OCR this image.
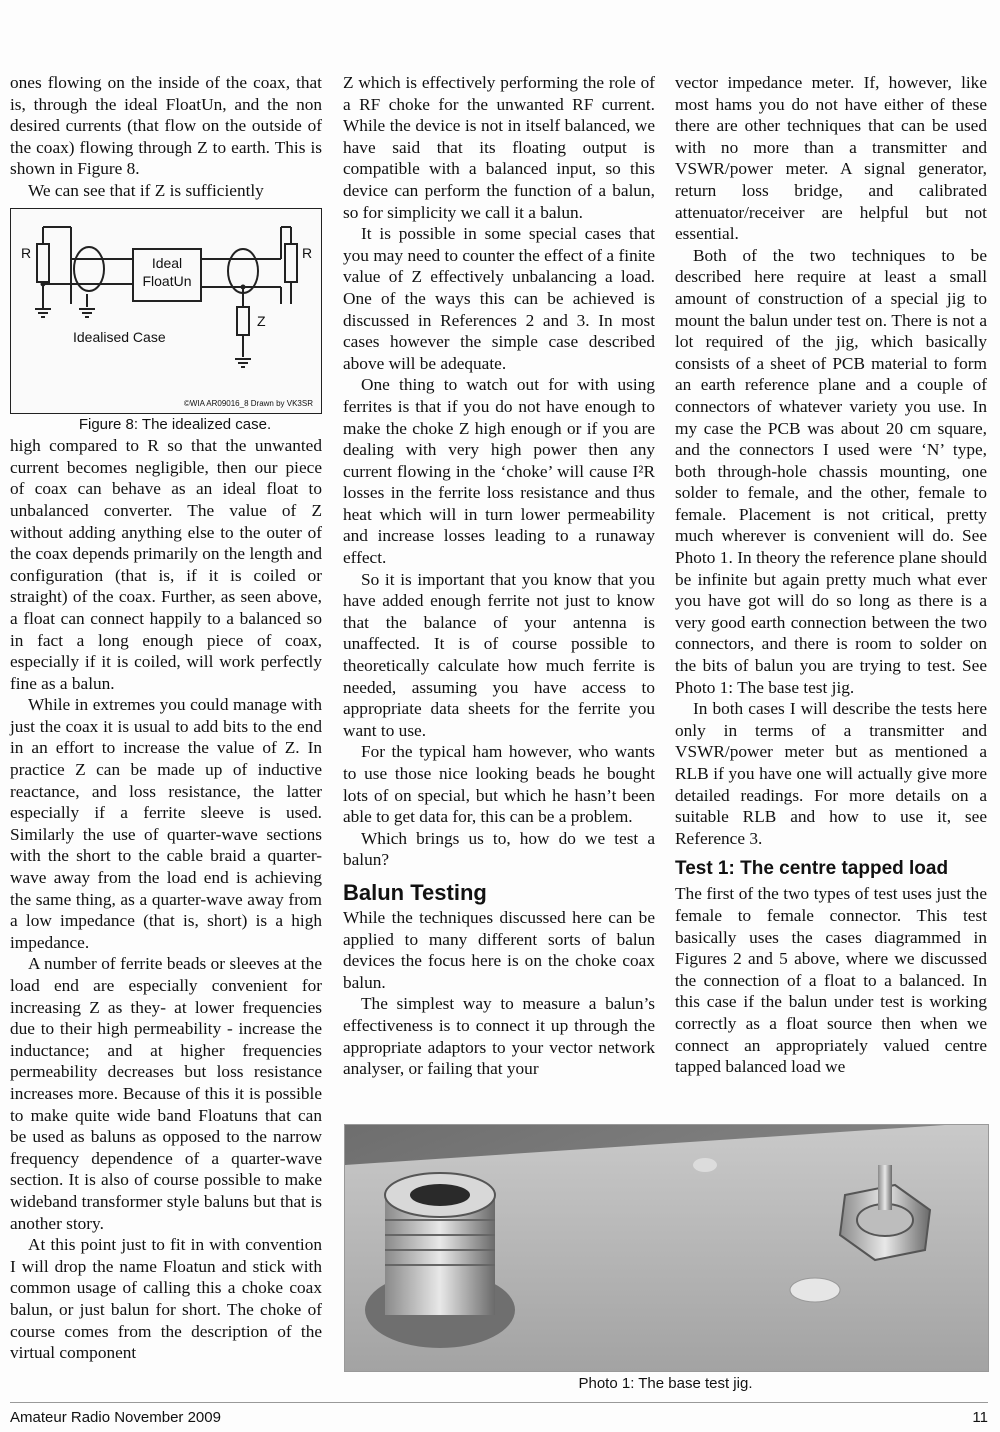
ones flowing on the inside of the coax, that is, through the ideal FloatUn, and the non desired currents (that flow on the outside of the coax) flowing through Z to earth. This is shown in Figure 8.

We can see that if Z is sufficiently

R	R
Ideal
FloatUn
Z
Idealised Case
©WIA AR09016_8 Drawn by VK3SR

Figure 8: The idealized case.

high compared to R so that the unwanted current becomes negligible, then our piece of coax can behave as an ideal float to unbalanced converter. The value of Z without adding anything else to the outer of the coax depends primarily on the length and configuration (that is, if it is coiled or straight) of the coax. Further, as seen above, a float can connect happily to a balanced so in fact a long enough piece of coax, especially if it is coiled, will work perfectly fine as a balun.

While in extremes you could manage with just the coax it is usual to add bits to the end in an effort to increase the value of Z. In practice Z can be made up of inductive reactance, and loss resistance, the latter especially if a ferrite sleeve is used. Similarly the use of quarter-wave sections with the short to the cable braid a quarter-wave away from the load end is achieving the same thing, as a quarter-wave away from a low impedance (that is, short) is a high impedance.

A number of ferrite beads or sleeves at the load end are especially convenient for increasing Z as they- at lower frequencies due to their high permeability - increase the inductance; and at higher frequencies permeability decreases but loss resistance increases more. Because of this it is possible to make quite wide band Floatuns that can be used as baluns as opposed to the narrow frequency dependence of a quarter-wave section. It is also of course possible to make wideband transformer style baluns but that is another story.

At this point just to fit in with convention I will drop the name Floatun and stick with common usage of calling this a choke coax balun, or just balun for short. The choke of course comes from the description of the virtual component

Z which is effectively performing the role of a RF choke for the unwanted RF current. While the device is not in itself balanced, we have said that its floating output is compatible with a balanced input, so this device can perform the function of a balun, so for simplicity we call it a balun.

It is possible in some special cases that you may need to counter the effect of a finite value of Z effectively unbalancing a load. One of the ways this can be achieved is discussed in References 2 and 3. In most cases however the simple case described above will be adequate.

One thing to watch out for with using ferrites is that if you do not have enough to make the choke Z high enough or if you are dealing with very high power then any current flowing in the ‘choke’ will cause I²R losses in the ferrite loss resistance and thus heat which will in turn lower permeability and increase losses leading to a runaway effect.

So it is important that you know that you have added enough ferrite not just to know that the balance of your antenna is unaffected. It is of course possible to theoretically calculate how much ferrite is needed, assuming you have access to appropriate data sheets for the ferrite you want to use.

For the typical ham however, who wants to use those nice looking beads he bought lots of on special, but which he hasn’t been able to get data for, this can be a problem.

Which brings us to, how do we test a balun?

Balun Testing

While the techniques discussed here can be applied to many different sorts of balun devices the focus here is on the choke coax balun.

The simplest way to measure a balun’s effectiveness is to connect it up through the appropriate adaptors to your vector network analyser, or failing that your

vector impedance meter. If, however, like most hams you do not have either of these there are other techniques that can be used with no more than a transmitter and VSWR/power meter. A signal generator, return loss bridge, and calibrated attenuator/receiver are helpful but not essential.

Both of the two techniques to be described here require at least a small amount of construction of a special jig to mount the balun under test on. There is not a lot required of the jig, which basically consists of a sheet of PCB material to form an earth reference plane and a couple of connectors of whatever variety you use. In my case the PCB was about 20 cm square, and the connectors I used were ‘N’ type, both through-hole chassis mounting, one solder to female, and the other, female to female. Placement is not critical, pretty much wherever is convenient will do. See Photo 1. In theory the reference plane should be infinite but again pretty much what ever you have got will do so long as there is a very good earth connection between the two connectors, and there is room to solder on the bits of balun you are trying to test. See Photo 1: The base test jig.

In both cases I will describe the tests here only in terms of a transmitter and VSWR/power meter but as mentioned a RLB if you have one will actually give more detailed readings. For more details on a suitable RLB and how to use it, see Reference 3.

Test 1: The centre tapped load

The first of the two types of test uses just the female to female connector. This test basically uses the cases diagrammed in Figures 2 and 5 above, where we discussed the connection of a float to a balanced. In this case if the balun under test is working correctly as a float source then when we connect an appropriately valued centre tapped balanced load we

Photo 1: The base test jig.
Amateur Radio November 2009	11
